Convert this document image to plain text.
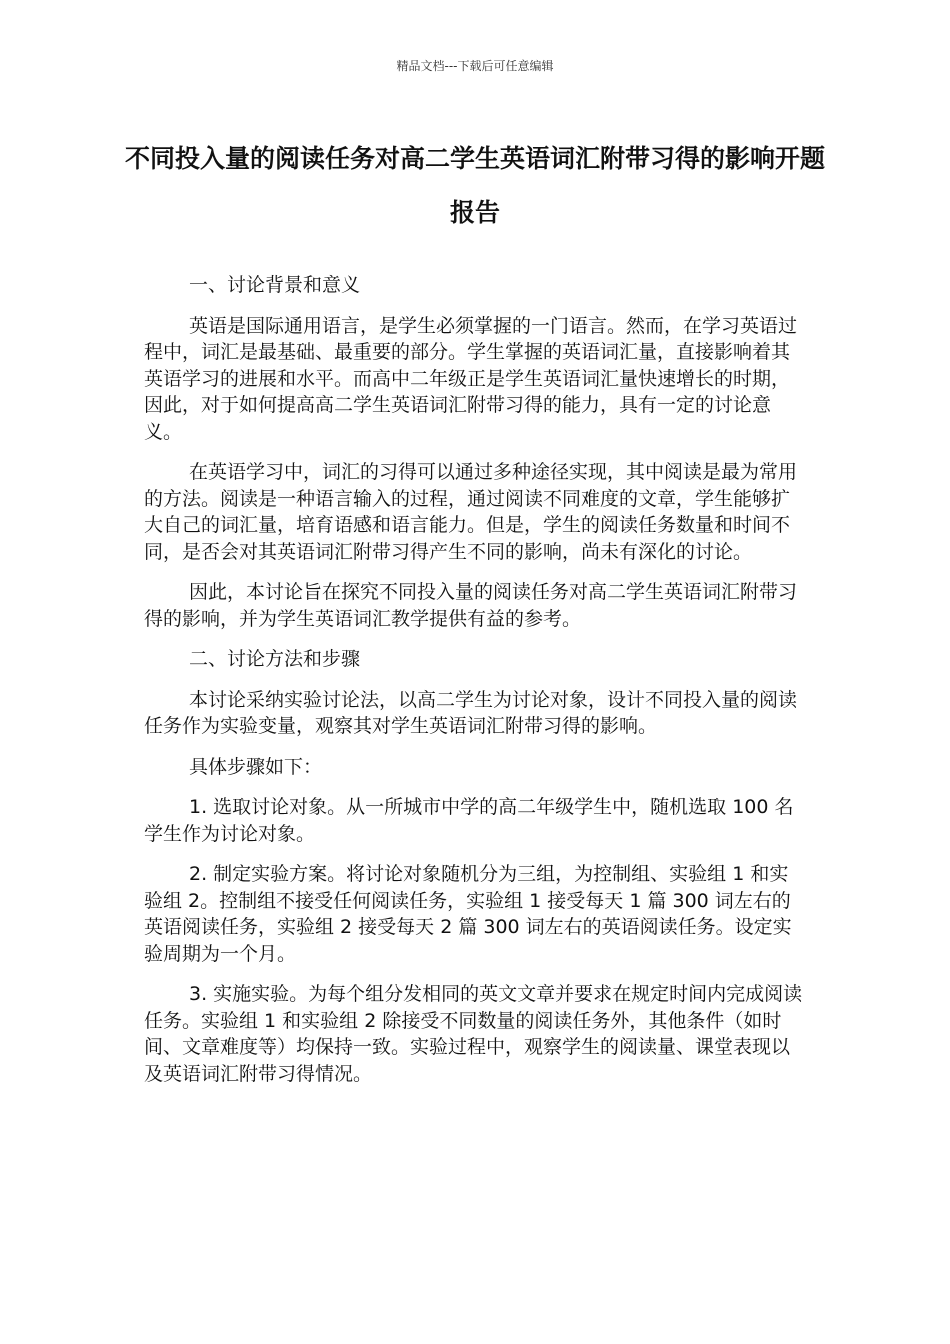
精品文档---下载后可任意编辑
不同投入量的阅读任务对高二学生英语词汇附带习得的影响开题报告

一、讨论背景和意义

英语是国际通用语言，是学生必须掌握的一门语言。然而，在学习英语过程中，词汇是最基础、最重要的部分。学生掌握的英语词汇量，直接影响着其英语学习的进展和水平。而高中二年级正是学生英语词汇量快速增长的时期，因此，对于如何提高高二学生英语词汇附带习得的能力，具有一定的讨论意义。

在英语学习中，词汇的习得可以通过多种途径实现，其中阅读是最为常用的方法。阅读是一种语言输入的过程，通过阅读不同难度的文章，学生能够扩大自己的词汇量，培育语感和语言能力。但是，学生的阅读任务数量和时间不同，是否会对其英语词汇附带习得产生不同的影响，尚未有深化的讨论。

因此，本讨论旨在探究不同投入量的阅读任务对高二学生英语词汇附带习得的影响，并为学生英语词汇教学提供有益的参考。

二、讨论方法和步骤

本讨论采纳实验讨论法，以高二学生为讨论对象，设计不同投入量的阅读任务作为实验变量，观察其对学生英语词汇附带习得的影响。

具体步骤如下：

1. 选取讨论对象。从一所城市中学的高二年级学生中，随机选取 100 名学生作为讨论对象。

2. 制定实验方案。将讨论对象随机分为三组，为控制组、实验组 1 和实验组 2。控制组不接受任何阅读任务，实验组 1 接受每天 1 篇 300 词左右的英语阅读任务，实验组 2 接受每天 2 篇 300 词左右的英语阅读任务。设定实验周期为一个月。

3. 实施实验。为每个组分发相同的英文文章并要求在规定时间内完成阅读任务。实验组 1 和实验组 2 除接受不同数量的阅读任务外，其他条件（如时间、文章难度等）均保持一致。实验过程中，观察学生的阅读量、课堂表现以及英语词汇附带习得情况。
